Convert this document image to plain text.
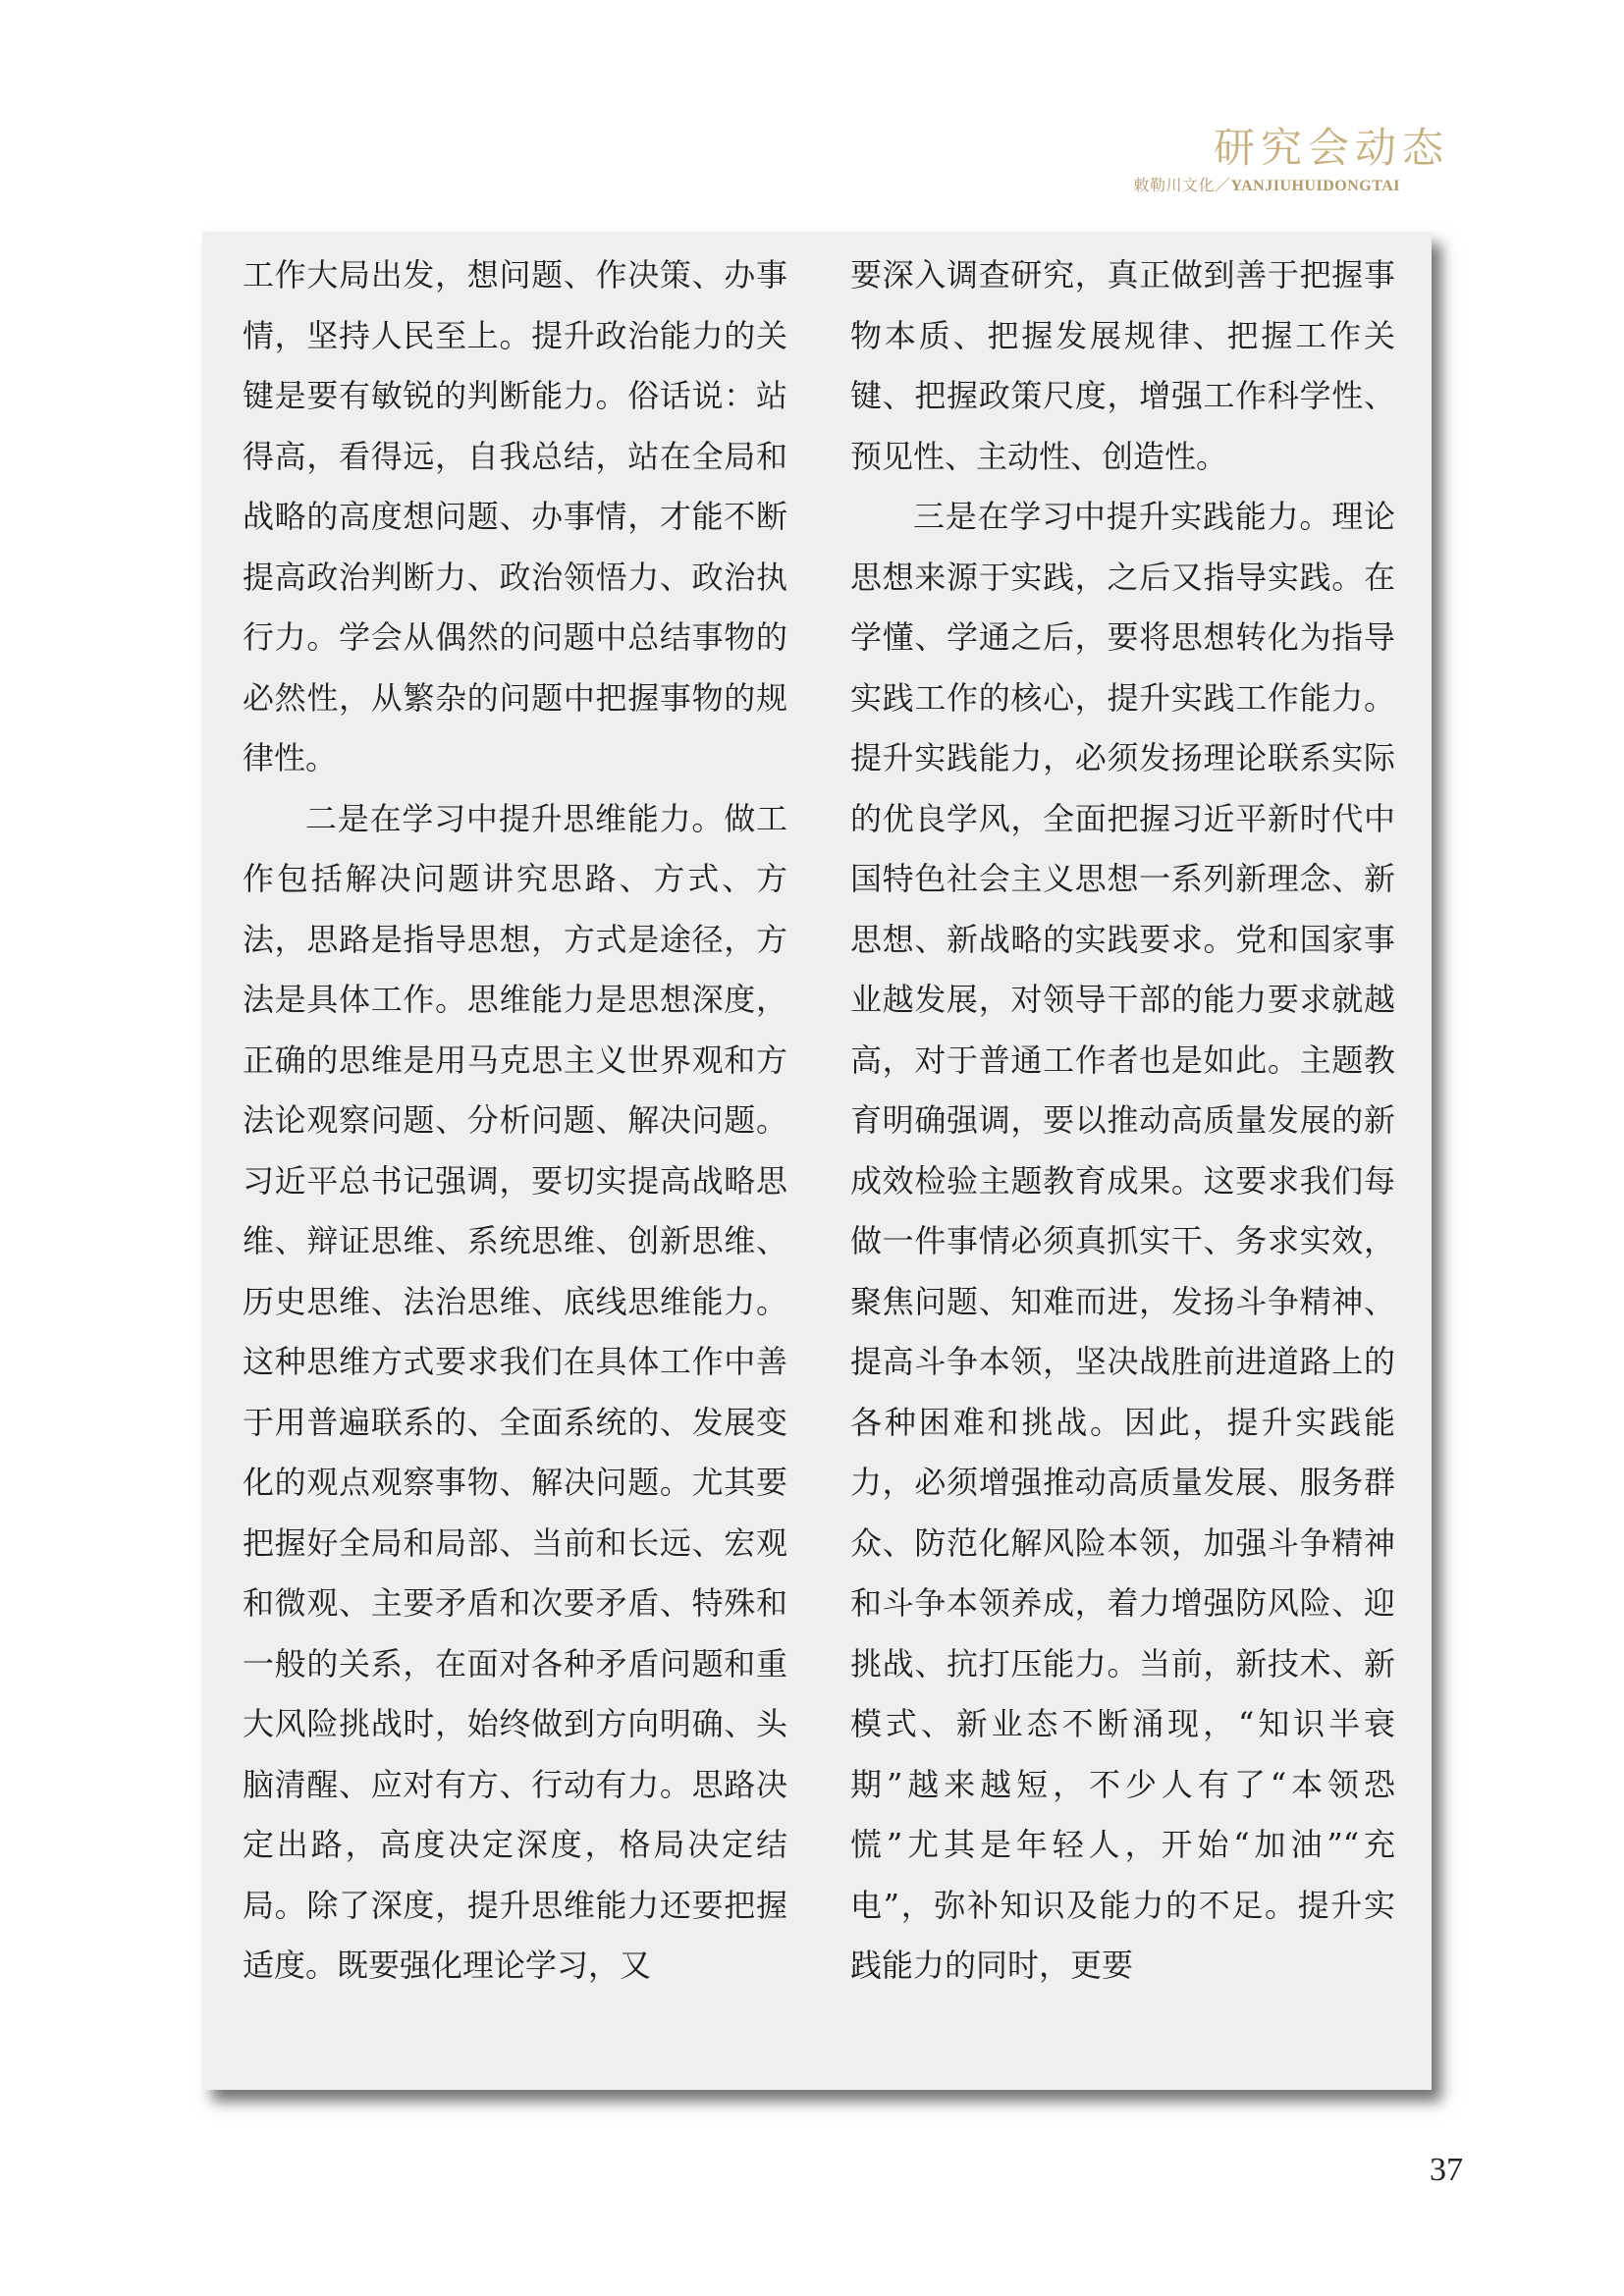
研究会动态
敕勒川文化／YANJIUHUIDONGTAI

工作大局出发，想问题、作决策、办事情，坚持人民至上。提升政治能力的关键是要有敏锐的判断能力。俗话说：站得高，看得远，自我总结，站在全局和战略的高度想问题、办事情，才能不断提高政治判断力、政治领悟力、政治执行力。学会从偶然的问题中总结事物的必然性，从繁杂的问题中把握事物的规律性。

二是在学习中提升思维能力。做工作包括解决问题讲究思路、方式、方法，思路是指导思想，方式是途径，方法是具体工作。思维能力是思想深度，正确的思维是用马克思主义世界观和方法论观察问题、分析问题、解决问题。习近平总书记强调，要切实提高战略思维、辩证思维、系统思维、创新思维、历史思维、法治思维、底线思维能力。这种思维方式要求我们在具体工作中善于用普遍联系的、全面系统的、发展变化的观点观察事物、解决问题。尤其要把握好全局和局部、当前和长远、宏观和微观、主要矛盾和次要矛盾、特殊和一般的关系，在面对各种矛盾问题和重大风险挑战时，始终做到方向明确、头脑清醒、应对有方、行动有力。思路决定出路，高度决定深度，格局决定结局。除了深度，提升思维能力还要把握适度。既要强化理论学习，又

要深入调查研究，真正做到善于把握事物本质、把握发展规律、把握工作关键、把握政策尺度，增强工作科学性、预见性、主动性、创造性。

三是在学习中提升实践能力。理论思想来源于实践，之后又指导实践。在学懂、学通之后，要将思想转化为指导实践工作的核心，提升实践工作能力。提升实践能力，必须发扬理论联系实际的优良学风，全面把握习近平新时代中国特色社会主义思想一系列新理念、新思想、新战略的实践要求。党和国家事业越发展，对领导干部的能力要求就越高，对于普通工作者也是如此。主题教育明确强调，要以推动高质量发展的新成效检验主题教育成果。这要求我们每做一件事情必须真抓实干、务求实效，聚焦问题、知难而进，发扬斗争精神、提高斗争本领，坚决战胜前进道路上的各种困难和挑战。因此，提升实践能力，必须增强推动高质量发展、服务群众、防范化解风险本领，加强斗争精神和斗争本领养成，着力增强防风险、迎挑战、抗打压能力。当前，新技术、新模式、新业态不断涌现，“知识半衰期”越来越短，不少人有了“本领恐慌”尤其是年轻人，开始“加油”“充电”，弥补知识及能力的不足。提升实践能力的同时，更要

37
